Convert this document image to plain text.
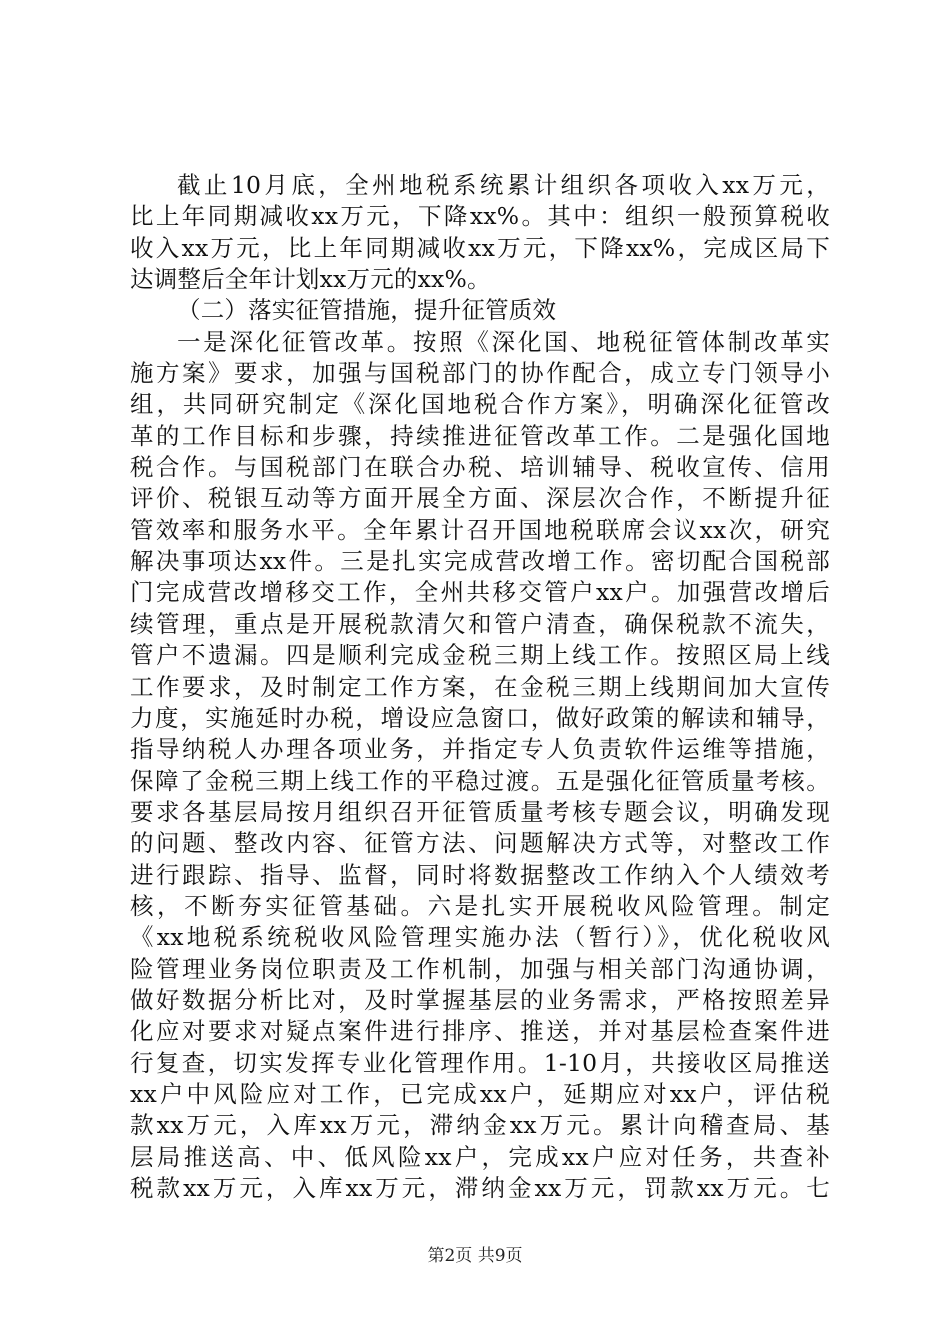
截止10月底，全州地税系统累计组织各项收入xx万元，
比上年同期减收xx万元，下降xx%。其中：组织一般预算税收
收入xx万元，比上年同期减收xx万元，下降xx%，完成区局下
达调整后全年计划xx万元的xx%。
（二）落实征管措施，提升征管质效
一是深化征管改革。按照《深化国、地税征管体制改革实
施方案》要求，加强与国税部门的协作配合，成立专门领导小
组，共同研究制定《深化国地税合作方案》，明确深化征管改
革的工作目标和步骤，持续推进征管改革工作。二是强化国地
税合作。与国税部门在联合办税、培训辅导、税收宣传、信用
评价、税银互动等方面开展全方面、深层次合作，不断提升征
管效率和服务水平。全年累计召开国地税联席会议xx次，研究
解决事项达xx件。三是扎实完成营改增工作。密切配合国税部
门完成营改增移交工作，全州共移交管户xx户。加强营改增后
续管理，重点是开展税款清欠和管户清查，确保税款不流失，
管户不遗漏。四是顺利完成金税三期上线工作。按照区局上线
工作要求，及时制定工作方案，在金税三期上线期间加大宣传
力度，实施延时办税，增设应急窗口，做好政策的解读和辅导，
指导纳税人办理各项业务，并指定专人负责软件运维等措施，
保障了金税三期上线工作的平稳过渡。五是强化征管质量考核。
要求各基层局按月组织召开征管质量考核专题会议，明确发现
的问题、整改内容、征管方法、问题解决方式等，对整改工作
进行跟踪、指导、监督，同时将数据整改工作纳入个人绩效考
核，不断夯实征管基础。六是扎实开展税收风险管理。制定
《xx地税系统税收风险管理实施办法（暂行）》，优化税收风
险管理业务岗位职责及工作机制，加强与相关部门沟通协调，
做好数据分析比对，及时掌握基层的业务需求，严格按照差异
化应对要求对疑点案件进行排序、推送，并对基层检查案件进
行复查，切实发挥专业化管理作用。1-10月，共接收区局推送
xx户中风险应对工作，已完成xx户，延期应对xx户，评估税
款xx万元，入库xx万元，滞纳金xx万元。累计向稽查局、基
层局推送高、中、低风险xx户，完成xx户应对任务，共查补
税款xx万元，入库xx万元，滞纳金xx万元，罚款xx万元。七
第2页 共9页
